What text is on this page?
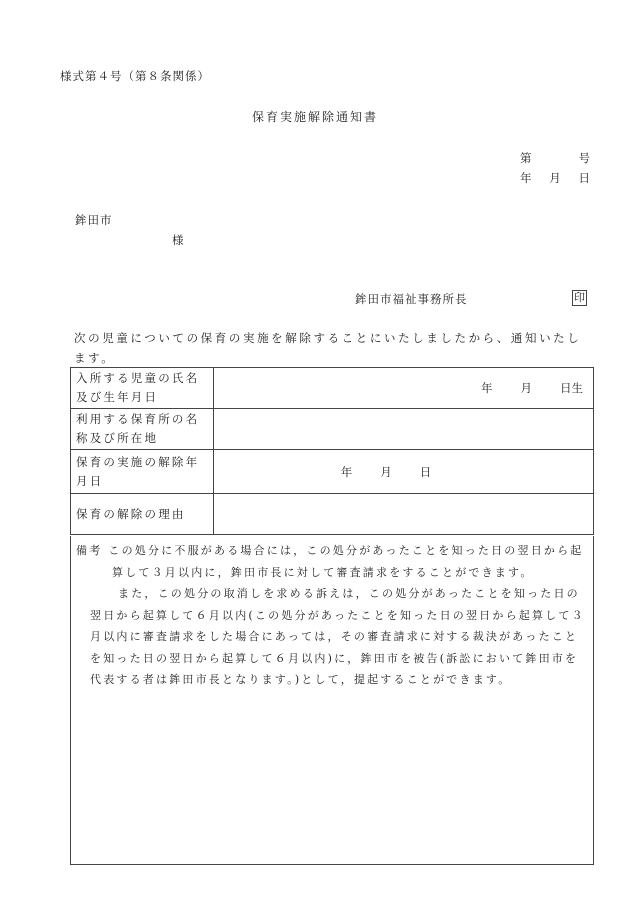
様式第４号（第８条関係）
保育実施解除通知書
第	号
年 月 日
鉾田市
様
鉾田市福祉事務所長	印
次の児童についての保育の実施を解除することにいたしましたから、通知いたします。
入所する児童の氏名及び生年月日	年 月 日生
利用する保育所の名称及び所在地	
保育の実施の解除年月日	年 月 日
保育の解除の理由	

備考 この処分に不服がある場合には，この処分があったことを知った日の翌日から起算して３月以内に，鉾田市長に対して審査請求をすることができます。

また，この処分の取消しを求める訴えは，この処分があったことを知った日の翌日から起算して６月以内(この処分があったことを知った日の翌日から起算して３月以内に審査請求をした場合にあっては，その審査請求に対する裁決があったことを知った日の翌日から起算して６月以内)に，鉾田市を被告(訴訟において鉾田市を代表する者は鉾田市長となります。)として，提起することができます。
